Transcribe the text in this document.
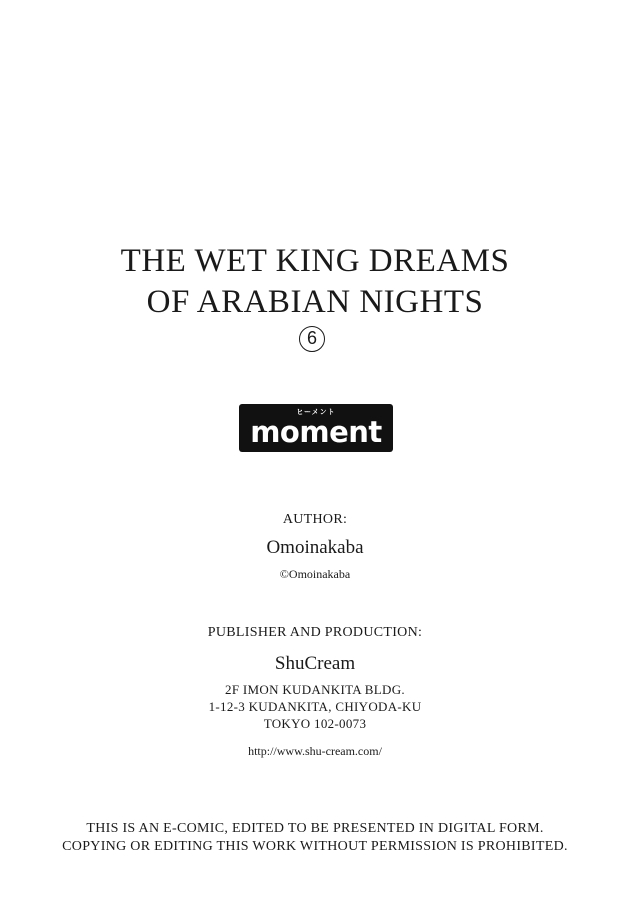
THE WET KING DREAMS
OF ARABIAN NIGHTS
6
ヒーメント
moment
AUTHOR:
Omoinakaba
©Omoinakaba
PUBLISHER AND PRODUCTION:
ShuCream
2F IMON KUDANKITA BLDG.
1-12-3 KUDANKITA, CHIYODA-KU
TOKYO 102-0073
http://www.shu-cream.com/
THIS IS AN E-COMIC, EDITED TO BE PRESENTED IN DIGITAL FORM.
COPYING OR EDITING THIS WORK WITHOUT PERMISSION IS PROHIBITED.
